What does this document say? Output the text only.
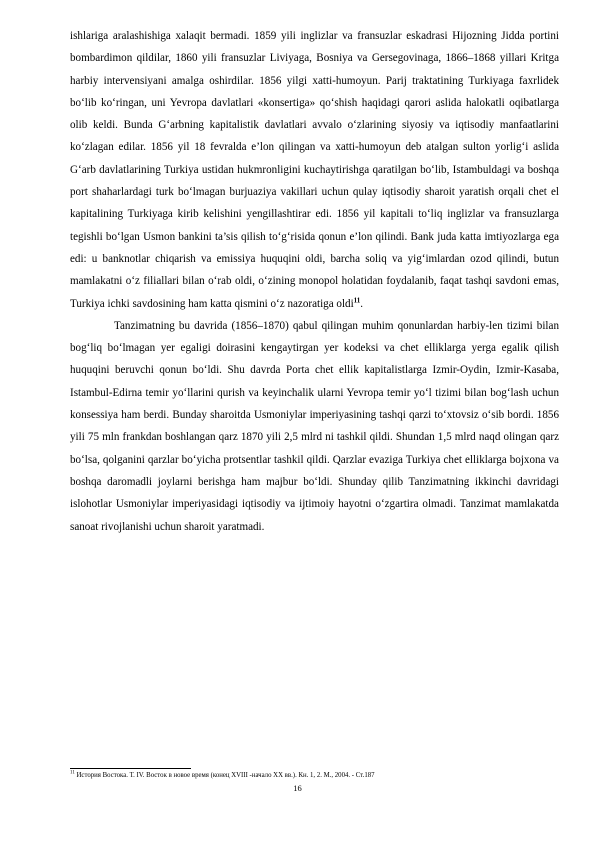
ishlariga aralashishiga xalaqit bermadi. 1859 yili inglizlar va fransuzlar eskadrasi Hijozning Jidda portini bombardimon qildilar, 1860 yili fransuzlar Liviyaga, Bosniya va Gersegovinaga, 1866–1868 yillari Kritga harbiy intervensiyani amalga oshirdilar. 1856 yilgi xatti-humoyun. Parij traktatining Turkiyaga faxrlidek bo‘lib ko‘ringan, uni Yevropa davlatlari «konsertiga» qo‘shish haqidagi qarori aslida halokatli oqibatlarga olib keldi. Bunda G‘arbning kapitalistik davlatlari avvalo o‘zlarining siyosiy va iqtisodiy manfaatlarini ko‘zlagan edilar. 1856 yil 18 fevralda e’lon qilingan va xatti-humoyun deb atalgan sulton yorlig‘i aslida G‘arb davlatlarining Turkiya ustidan hukmronligini kuchaytirishga qaratilgan bo‘lib, Istambuldagi va boshqa port shaharlardagi turk bo‘lmagan burjuaziya vakillari uchun qulay iqtisodiy sharoit yaratish orqali chet el kapitalining Turkiyaga kirib kelishini yengillashtirar edi. 1856 yil kapitali to‘liq inglizlar va fransuzlarga tegishli bo‘lgan Usmon bankini ta’sis qilish to‘g‘risida qonun e’lon qilindi. Bank juda katta imtiyozlarga ega edi: u banknotlar chiqarish va emissiya huquqini oldi, barcha soliq va yig‘imlardan ozod qilindi, butun mamlakatni o‘z filiallari bilan o‘rab oldi, o‘zining monopol holatidan foydalanib, faqat tashqi savdoni emas, Turkiya ichki savdosining ham katta qismini o‘z nazoratiga oldi$^{11}$.

Tanzimatning bu davrida (1856–1870) qabul qilingan muhim qonunlardan harbiy-len tizimi bilan bog‘liq bo‘lmagan yer egaligi doirasini kengaytirgan yer kodeksi va chet elliklarga yerga egalik qilish huquqini beruvchi qonun bo‘ldi. Shu davrda Porta chet ellik kapitalistlarga Izmir-Oydin, Izmir-Kasaba, Istambul-Edirna temir yo‘llarini qurish va keyinchalik ularni Yevropa temir yo‘l tizimi bilan bog‘lash uchun konsessiya ham berdi. Bunday sharoitda Usmoniylar imperiyasining tashqi qarzi to‘xtovsiz o‘sib bordi. 1856 yili 75 mln frankdan boshlangan qarz 1870 yili 2,5 mlrd ni tashkil qildi. Shundan 1,5 mlrd naqd olingan qarz bo‘lsa, qolganini qarzlar bo‘yicha protsentlar tashkil qildi. Qarzlar evaziga Turkiya chet elliklarga bojxona va boshqa daromadli joylarni berishga ham majbur bo‘ldi. Shunday qilib Tanzimatning ikkinchi davridagi islohotlar Usmoniylar imperiyasidagi iqtisodiy va ijtimoiy hayotni o‘zgartira olmadi. Tanzimat mamlakatda sanoat rivojlanishi uchun sharoit yaratmadi.

$^{11}$ История Востока. Т. IV. Восток в новое время (конец XVIII -начало XX вв.). Кн. 1, 2. М., 2004. - Ст.187
16
